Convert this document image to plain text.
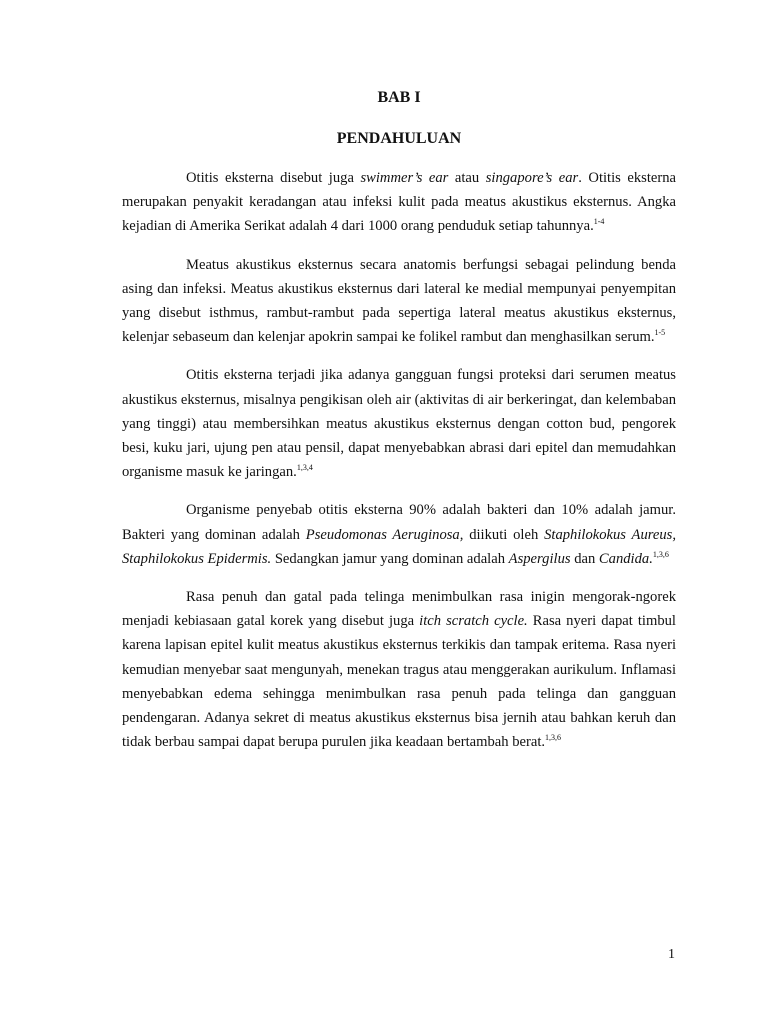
BAB I
PENDAHULUAN

Otitis eksterna disebut juga swimmer’s ear atau singapore’s ear. Otitis eksterna merupakan penyakit keradangan atau infeksi kulit pada meatus akustikus eksternus. Angka kejadian di Amerika Serikat adalah 4 dari 1000 orang penduduk setiap tahunnya.$^{1-4}$

Meatus akustikus eksternus secara anatomis berfungsi sebagai pelindung benda asing dan infeksi. Meatus akustikus eksternus dari lateral ke medial mempunyai penyempitan yang disebut isthmus, rambut-rambut pada sepertiga lateral meatus akustikus eksternus, kelenjar sebaseum dan kelenjar apokrin sampai ke folikel rambut dan menghasilkan serum.$^{1-5}$

Otitis eksterna terjadi jika adanya gangguan fungsi proteksi dari serumen meatus akustikus eksternus, misalnya pengikisan oleh air (aktivitas di air berkeringat, dan kelembaban yang tinggi) atau membersihkan meatus akustikus eksternus dengan cotton bud, pengorek besi, kuku jari, ujung pen atau pensil, dapat menyebabkan abrasi dari epitel dan memudahkan organisme masuk ke jaringan.$^{1,3,4}$

Organisme penyebab otitis eksterna 90% adalah bakteri dan 10% adalah jamur. Bakteri yang dominan adalah Pseudomonas Aeruginosa, diikuti oleh Staphilokokus Aureus, Staphilokokus Epidermis. Sedangkan jamur yang dominan adalah Aspergilus dan Candida.$^{1,3,6}$

Rasa penuh dan gatal pada telinga menimbulkan rasa inigin mengorak-ngorek menjadi kebiasaan gatal korek yang disebut juga itch scratch cycle. Rasa nyeri dapat timbul karena lapisan epitel kulit meatus akustikus eksternus terkikis dan tampak eritema. Rasa nyeri kemudian menyebar saat mengunyah, menekan tragus atau menggerakan aurikulum. Inflamasi menyebabkan edema sehingga menimbulkan rasa penuh pada telinga dan gangguan pendengaran. Adanya sekret di meatus akustikus eksternus bisa jernih atau bahkan keruh dan tidak berbau sampai dapat berupa purulen jika keadaan bertambah berat.$^{1,3,6}$

1
